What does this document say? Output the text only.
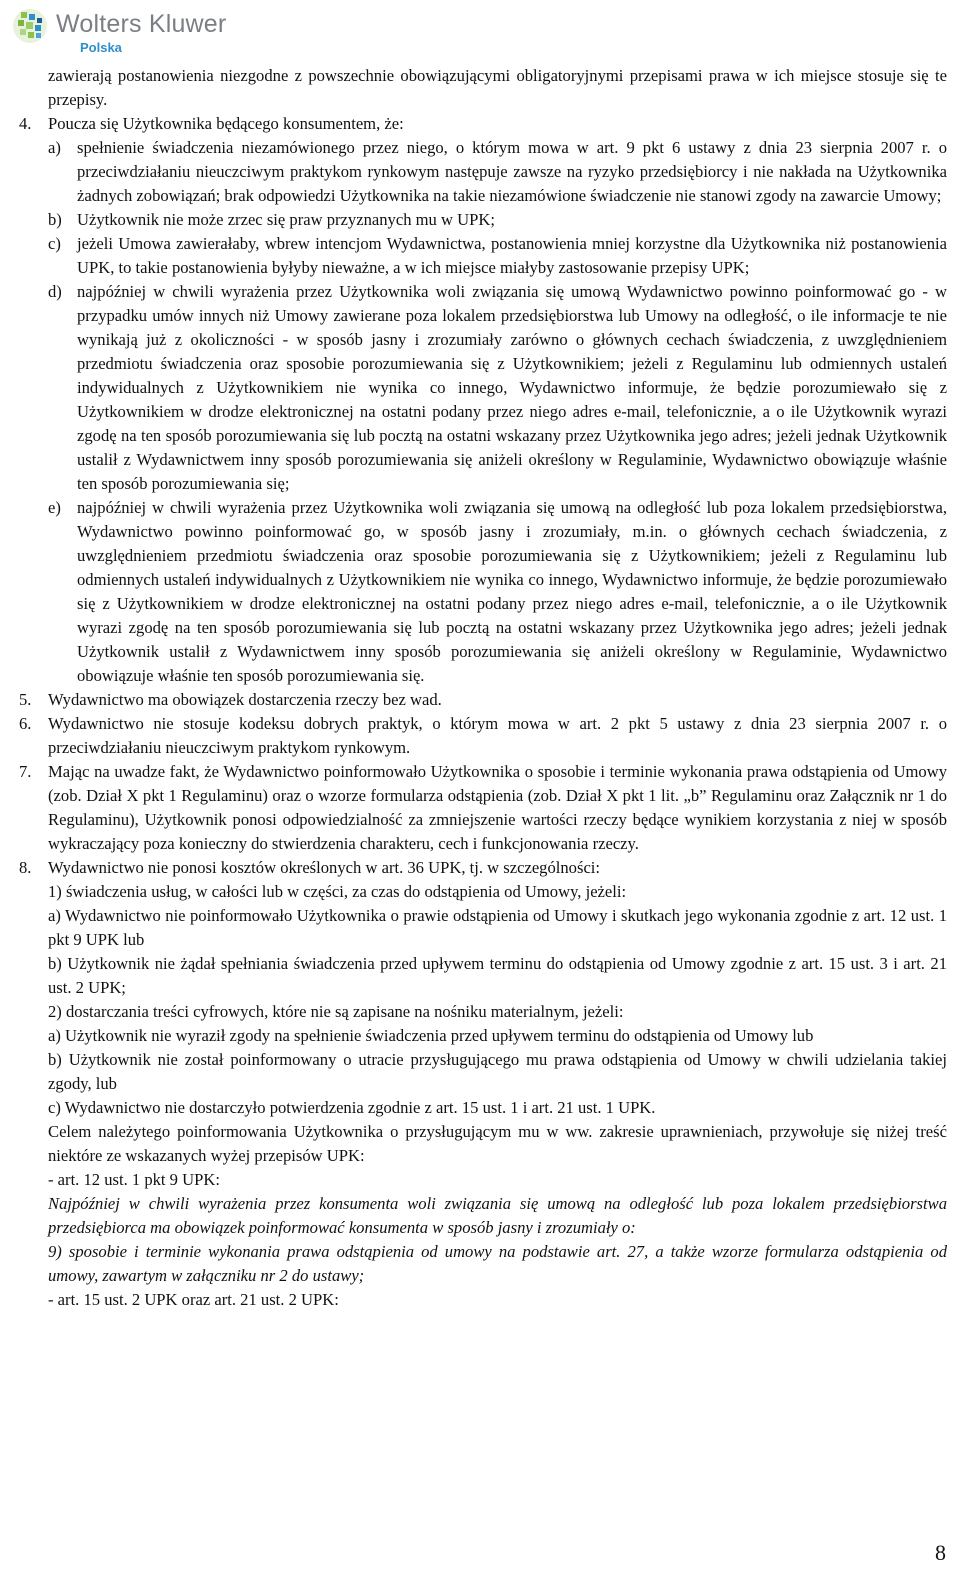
Wolters Kluwer
Polska
zawierają postanowienia niezgodne z powszechnie obowiązującymi obligatoryjnymi przepisami prawa w ich miejsce stosuje się te przepisy.
4. Poucza się Użytkownika będącego konsumentem, że:
a) spełnienie świadczenia niezamówionego przez niego, o którym mowa w art. 9 pkt 6 ustawy z dnia 23 sierpnia 2007 r. o przeciwdziałaniu nieuczciwym praktykom rynkowym następuje zawsze na ryzyko przedsiębiorcy i nie nakłada na Użytkownika żadnych zobowiązań; brak odpowiedzi Użytkownika na takie niezamówione świadczenie nie stanowi zgody na zawarcie Umowy;
b) Użytkownik nie może zrzec się praw przyznanych mu w UPK;
c) jeżeli Umowa zawierałaby, wbrew intencjom Wydawnictwa, postanowienia mniej korzystne dla Użytkownika niż postanowienia UPK, to takie postanowienia byłyby nieważne, a w ich miejsce miałyby zastosowanie przepisy UPK;
d) najpóźniej w chwili wyrażenia przez Użytkownika woli związania się umową Wydawnictwo powinno poinformować go - w przypadku umów innych niż Umowy zawierane poza lokalem przedsiębiorstwa lub Umowy na odległość, o ile informacje te nie wynikają już z okoliczności - w sposób jasny i zrozumiały zarówno o głównych cechach świadczenia, z uwzględnieniem przedmiotu świadczenia oraz sposobie porozumiewania się z Użytkownikiem; jeżeli z Regulaminu lub odmiennych ustaleń indywidualnych z Użytkownikiem nie wynika co innego, Wydawnictwo informuje, że będzie porozumiewało się z Użytkownikiem w drodze elektronicznej na ostatni podany przez niego adres e-mail, telefonicznie, a o ile Użytkownik wyrazi zgodę na ten sposób porozumiewania się lub pocztą na ostatni wskazany przez Użytkownika jego adres; jeżeli jednak Użytkownik ustalił z Wydawnictwem inny sposób porozumiewania się aniżeli określony w Regulaminie, Wydawnictwo obowiązuje właśnie ten sposób porozumiewania się;
e) najpóźniej w chwili wyrażenia przez Użytkownika woli związania się umową na odległość lub poza lokalem przedsiębiorstwa, Wydawnictwo powinno poinformować go, w sposób jasny i zrozumiały, m.in. o głównych cechach świadczenia, z uwzględnieniem przedmiotu świadczenia oraz sposobie porozumiewania się z Użytkownikiem; jeżeli z Regulaminu lub odmiennych ustaleń indywidualnych z Użytkownikiem nie wynika co innego, Wydawnictwo informuje, że będzie porozumiewało się z Użytkownikiem w drodze elektronicznej na ostatni podany przez niego adres e-mail, telefonicznie, a o ile Użytkownik wyrazi zgodę na ten sposób porozumiewania się lub pocztą na ostatni wskazany przez Użytkownika jego adres; jeżeli jednak Użytkownik ustalił z Wydawnictwem inny sposób porozumiewania się aniżeli określony w Regulaminie, Wydawnictwo obowiązuje właśnie ten sposób porozumiewania się.
5. Wydawnictwo ma obowiązek dostarczenia rzeczy bez wad.
6. Wydawnictwo nie stosuje kodeksu dobrych praktyk, o którym mowa w art. 2 pkt 5 ustawy z dnia 23 sierpnia 2007 r. o przeciwdziałaniu nieuczciwym praktykom rynkowym.
7. Mając na uwadze fakt, że Wydawnictwo poinformowało Użytkownika o sposobie i terminie wykonania prawa odstąpienia od Umowy (zob. Dział X pkt 1 Regulaminu) oraz o wzorze formularza odstąpienia (zob. Dział X pkt 1 lit. „b” Regulaminu oraz Załącznik nr 1 do Regulaminu), Użytkownik ponosi odpowiedzialność za zmniejszenie wartości rzeczy będące wynikiem korzystania z niej w sposób wykraczający poza konieczny do stwierdzenia charakteru, cech i funkcjonowania rzeczy.
8. Wydawnictwo nie ponosi kosztów określonych w art. 36 UPK, tj. w szczególności:
1) świadczenia usług, w całości lub w części, za czas do odstąpienia od Umowy, jeżeli:
a) Wydawnictwo nie poinformowało Użytkownika o prawie odstąpienia od Umowy i skutkach jego wykonania zgodnie z art. 12 ust. 1 pkt 9 UPK lub
b) Użytkownik nie żądał spełniania świadczenia przed upływem terminu do odstąpienia od Umowy zgodnie z art. 15 ust. 3 i art. 21 ust. 2 UPK;
2) dostarczania treści cyfrowych, które nie są zapisane na nośniku materialnym, jeżeli:
a) Użytkownik nie wyraził zgody na spełnienie świadczenia przed upływem terminu do odstąpienia od Umowy lub
b) Użytkownik nie został poinformowany o utracie przysługującego mu prawa odstąpienia od Umowy w chwili udzielania takiej zgody, lub
c) Wydawnictwo nie dostarczyło potwierdzenia zgodnie z art. 15 ust. 1 i art. 21 ust. 1 UPK.
Celem należytego poinformowania Użytkownika o przysługującym mu w ww. zakresie uprawnieniach, przywołuje się niżej treść niektóre ze wskazanych wyżej przepisów UPK:
- art. 12 ust. 1 pkt 9 UPK:
Najpóźniej w chwili wyrażenia przez konsumenta woli związania się umową na odległość lub poza lokalem przedsiębiorstwa przedsiębiorca ma obowiązek poinformować konsumenta w sposób jasny i zrozumiały o:
9) sposobie i terminie wykonania prawa odstąpienia od umowy na podstawie art. 27, a także wzorze formularza odstąpienia od umowy, zawartym w załączniku nr 2 do ustawy;
- art. 15 ust. 2 UPK oraz art. 21 ust. 2 UPK:
8
